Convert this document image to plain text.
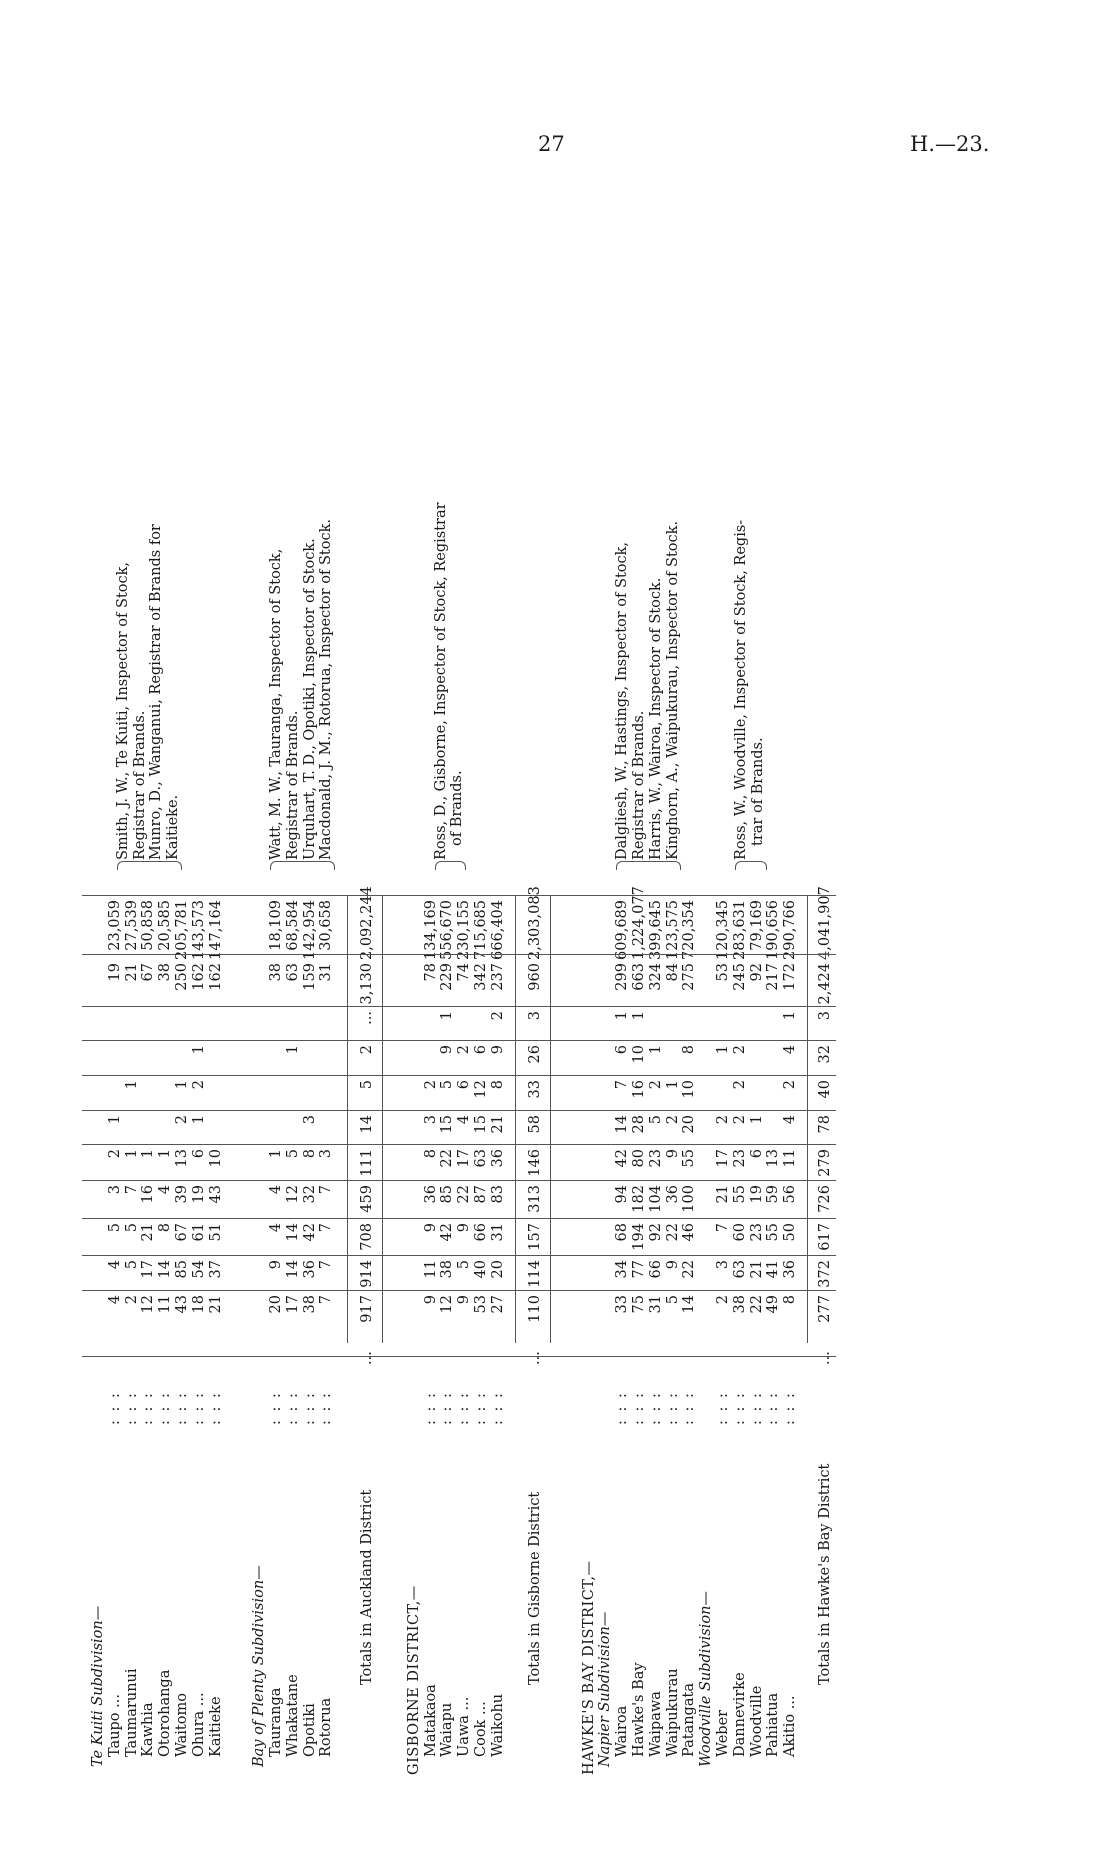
27	H.—23.
Te Kuiti Subdivision— Taupo ...
: : :
4
4
5
3
2
1
19
23,059
Taumarunui
: : :
2
5
5
7
1
1
21
27,539
Kawhia
: : :
12
17
21
16
1
67
50,858
Otorohanga
: : :
11
14
8
4
1
38
20,585
Waitomo
: : :
43
85
67
39
13
2
1
250
205,781
Ohura ...
: : :
18
54
61
19
6
1
2
1
162
143,573
Kaitieke
: : :
21
37
51
43
10
162
147,164
Smith, J. W., Te Kuiti, Inspector of Stock, Registrar of Brands. Munro, D., Wanganui, Registrar of Brands for Kaitieke.
Bay of Plenty Subdivision— Tauranga
: : :
20
9
4
4
1
38
18,109
Whakatane
: : :
17
14
14
12
5
1
63
68,584
Opotiki
: : :
38
36
42
32
8
3
159
142,954
Rotorua
: : :
7
7
7
7
3
31
30,658
Watt, M. W., Tauranga, Inspector of Stock, Registrar of Brands. Urquhart, T. D., Opotiki, Inspector of Stock. Macdonald, J. M., Rotorua, Inspector of Stock.
Totals in Auckland District
...
917
914
708
459
111
14
5
2
...
3,130
2,092,244
GISBORNE DISTRICT,— Matakaoa
: : :
9
11
9
36
8
3
2
78
134,169
Waiapu
: : :
12
38
42
85
22
15
5
9
1
229
556,670
Uawa ...
: : :
9
5
9
22
17
4
6
2
74
230,155
Cook ...
: : :
53
40
66
87
63
15
12
6
342
715,685
Waikohu
: : :
27
20
31
83
36
21
8
9
2
237
666,404
Ross, D., Gisborne, Inspector of Stock, Registrar of Brands.
Totals in Gisborne District
...
110
114
157
313
146
58
33
26
3
960
2,303,083
HAWKE'S BAY DISTRICT,— Napier Subdivision— Wairoa
: : :
33
34
68
94
42
14
7
6
1
299
609,689
Hawke's Bay
: : :
75
77
194
182
80
28
16
10
1
663
1,224,077
Waipawa
: : :
31
66
92
104
23
5
2
1
324
399,645
Waipukurau
: : :
5
9
22
36
9
2
1
84
123,575
Patangata
: : :
14
22
46
100
55
20
10
8
275
720,354
Dalgliesh, W., Hastings, Inspector of Stock, Registrar of Brands. Harris, W., Wairoa, Inspector of Stock. Kinghorn, A., Waipukurau, Inspector of Stock.
Woodville Subdivision— Weber
: : :
2
3
7
21
17
2
1
53
120,345
Dannevirke
: : :
38
63
60
55
23
2
2
2
245
283,631
Woodville
: : :
22
21
23
19
6
1
92
79,169
Pahiatua
: : :
49
41
55
59
13
217
190,656
Akitio ...
: : :
8
36
50
56
11
4
2
4
1
172
290,766
Ross, W., Woodville, Inspector of Stock, Regis- trar of Brands.
Totals in Hawke's Bay District
...
277
372
617
726
279
78
40
32
3
2,424
4,041,907
